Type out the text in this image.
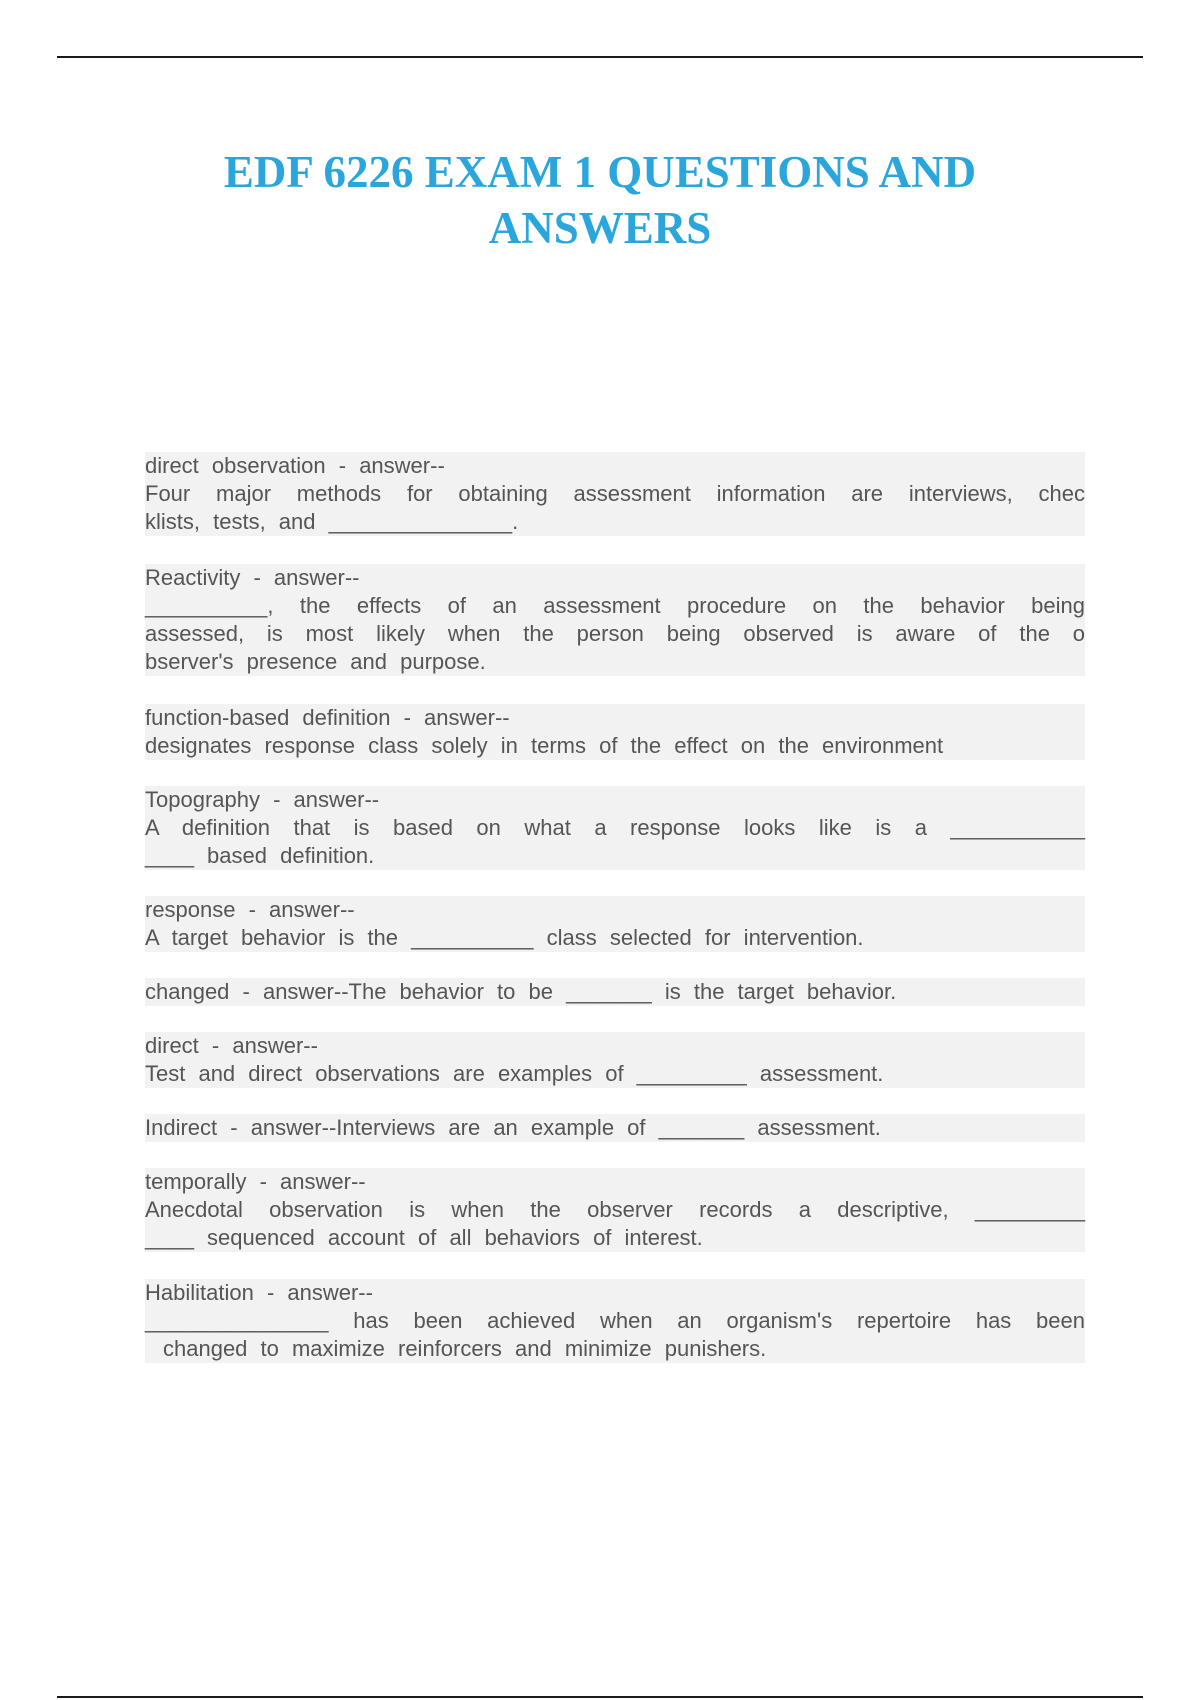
EDF 6226 EXAM 1 QUESTIONS AND
ANSWERS
direct observation - answer--
Four major methods for obtaining assessment information are interviews, chec
klists, tests, and _______________.
Reactivity - answer--
__________, the effects of an assessment procedure on the behavior being
assessed, is most likely when the person being observed is aware of the o
bserver's presence and purpose.
function-based definition - answer--
designates response class solely in terms of the effect on the environment
Topography - answer--
A definition that is based on what a response looks like is a ___________
____ based definition.
response - answer--
A target behavior is the __________ class selected for intervention.
changed - answer--The behavior to be _______ is the target behavior.
direct - answer--
Test and direct observations are examples of _________ assessment.
Indirect - answer--Interviews are an example of _______ assessment.
temporally - answer--
Anecdotal observation is when the observer records a descriptive, _________
____ sequenced account of all behaviors of interest.
Habilitation - answer--
_______________ has been achieved when an organism's repertoire has been
changed to maximize reinforcers and minimize punishers.
